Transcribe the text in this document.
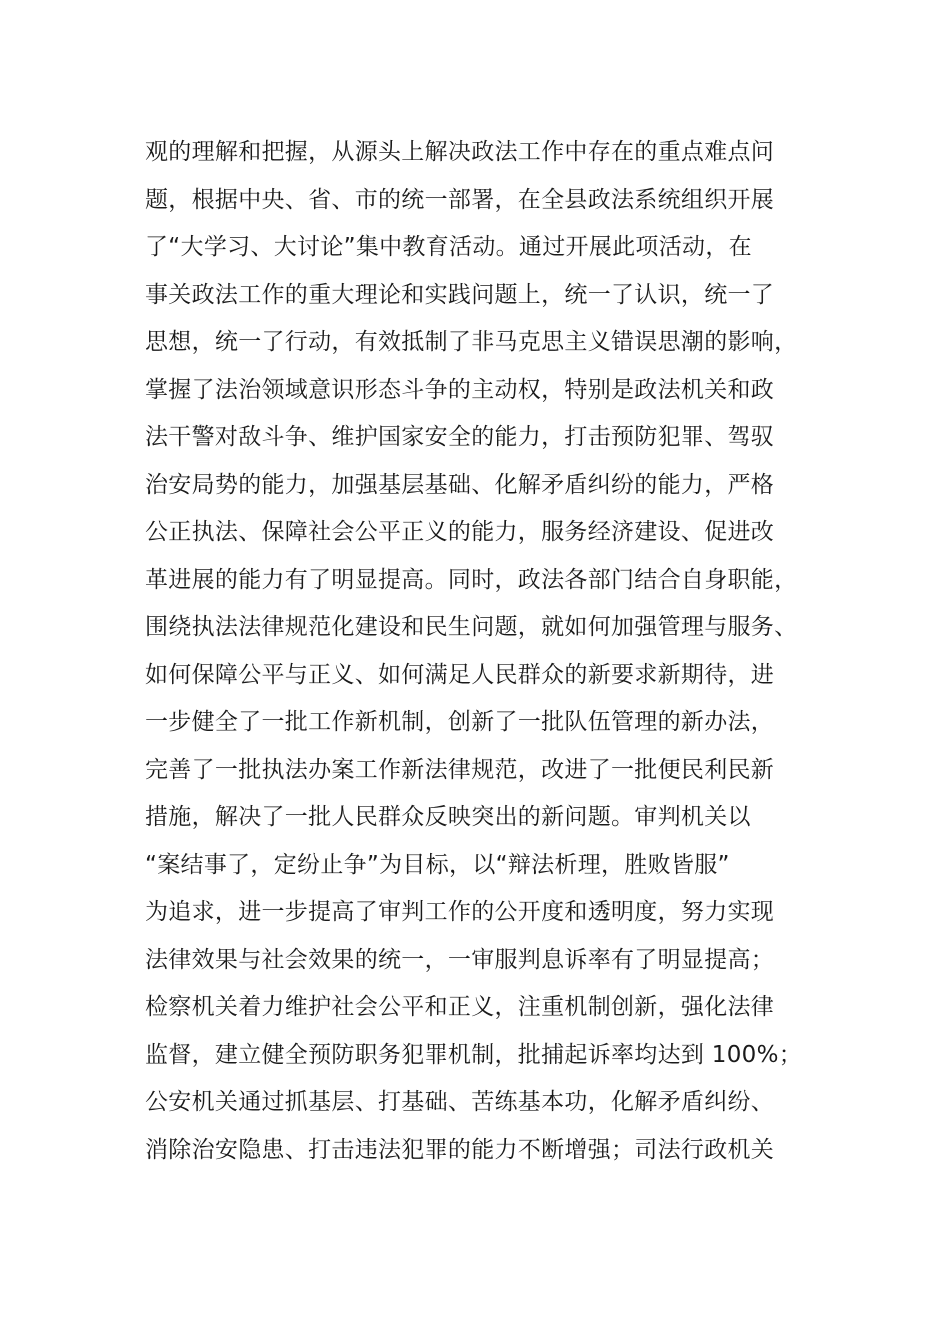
观的理解和把握，从源头上解决政法工作中存在的重点难点问
题，根据中央、省、市的统一部署，在全县政法系统组织开展
了“大学习、大讨论”集中教育活动。通过开展此项活动，在
事关政法工作的重大理论和实践问题上，统一了认识，统一了
思想，统一了行动，有效抵制了非马克思主义错误思潮的影响，
掌握了法治领域意识形态斗争的主动权，特别是政法机关和政
法干警对敌斗争、维护国家安全的能力，打击预防犯罪、驾驭
治安局势的能力，加强基层基础、化解矛盾纠纷的能力，严格
公正执法、保障社会公平正义的能力，服务经济建设、促进改
革进展的能力有了明显提高。同时，政法各部门结合自身职能，
围绕执法法律规范化建设和民生问题，就如何加强管理与服务、
如何保障公平与正义、如何满足人民群众的新要求新期待，进
一步健全了一批工作新机制，创新了一批队伍管理的新办法，
完善了一批执法办案工作新法律规范，改进了一批便民利民新
措施，解决了一批人民群众反映突出的新问题。审判机关以
“案结事了，定纷止争”为目标，以“辩法析理，胜败皆服”
为追求，进一步提高了审判工作的公开度和透明度，努力实现
法律效果与社会效果的统一，一审服判息诉率有了明显提高；
检察机关着力维护社会公平和正义，注重机制创新，强化法律
监督，建立健全预防职务犯罪机制，批捕起诉率均达到 100%；
公安机关通过抓基层、打基础、苦练基本功，化解矛盾纠纷、
消除治安隐患、打击违法犯罪的能力不断增强；司法行政机关
